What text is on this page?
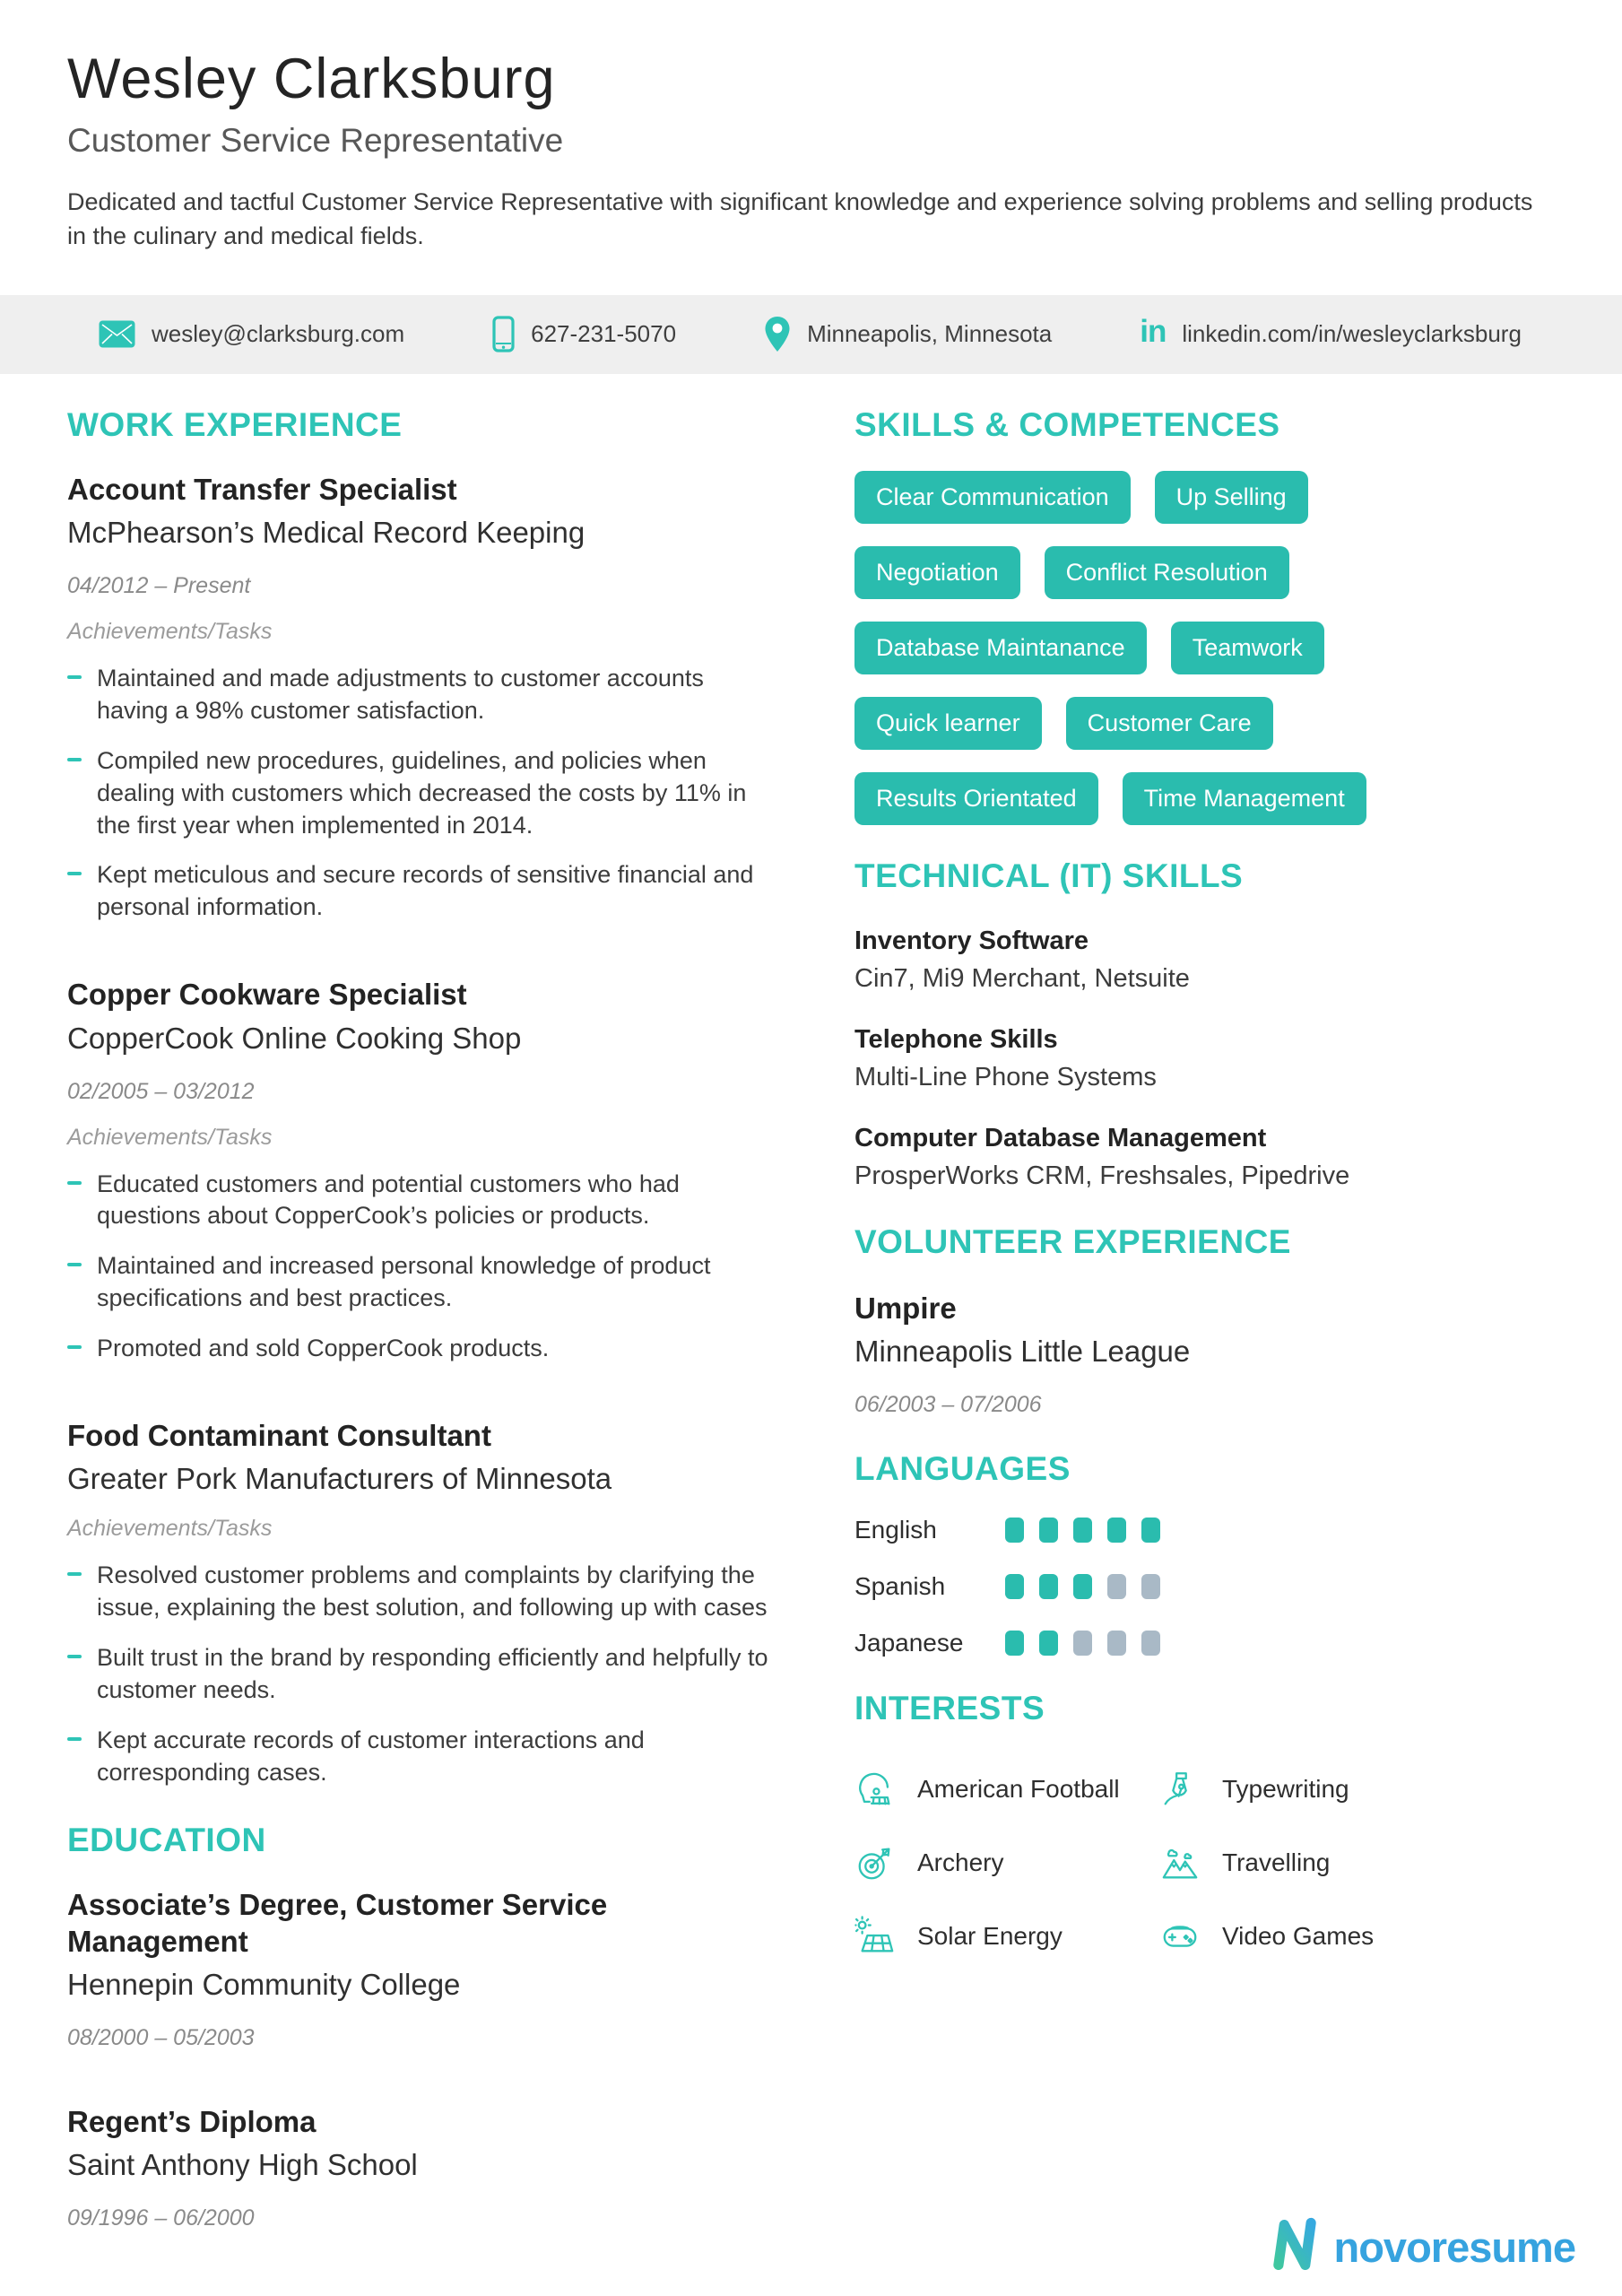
Wesley Clarksburg
Customer Service Representative

Dedicated and tactful Customer Service Representative with significant knowledge and experience solving problems and selling products in the culinary and medical fields.

wesley@clarksburg.com	627-231-5070	Minneapolis, Minnesota	in linkedin.com/in/wesleyclarksburg
WORK EXPERIENCE
Account Transfer Specialist
McPhearson’s Medical Record Keeping
04/2012 – Present
Achievements/Tasks
Maintained and made adjustments to customer accounts having a 98% customer satisfaction.
Compiled new procedures, guidelines, and policies when dealing with customers which decreased the costs by 11% in the first year when implemented in 2014.
Kept meticulous and secure records of sensitive financial and personal information.
Copper Cookware Specialist
CopperCook Online Cooking Shop
02/2005 – 03/2012
Achievements/Tasks
Educated customers and potential customers who had questions about CopperCook’s policies or products.
Maintained and increased personal knowledge of product specifications and best practices.
Promoted and sold CopperCook products.
Food Contaminant Consultant
Greater Pork Manufacturers of Minnesota
Achievements/Tasks
Resolved customer problems and complaints by clarifying the issue, explaining the best solution, and following up with cases
Built trust in the brand by responding efficiently and helpfully to customer needs.
Kept accurate records of customer interactions and corresponding cases.
EDUCATION
Associate’s Degree, Customer Service Management
Hennepin Community College
08/2000 – 05/2003
Regent’s Diploma
Saint Anthony High School
09/1996 – 06/2000
SKILLS & COMPETENCES
Clear Communication	Up Selling
Negotiation	Conflict Resolution
Database Maintanance	Teamwork
Quick learner	Customer Care
Results Orientated	Time Management
TECHNICAL (IT) SKILLS
Inventory Software
Cin7, Mi9 Merchant, Netsuite
Telephone Skills
Multi-Line Phone Systems
Computer Database Management
ProsperWorks CRM, Freshsales, Pipedrive
VOLUNTEER EXPERIENCE
Umpire
Minneapolis Little League
06/2003 – 07/2006
LANGUAGES
English
Spanish
Japanese
INTERESTS
American Football	Typewriting
Archery	Travelling
Solar Energy	Video Games
novoresume
